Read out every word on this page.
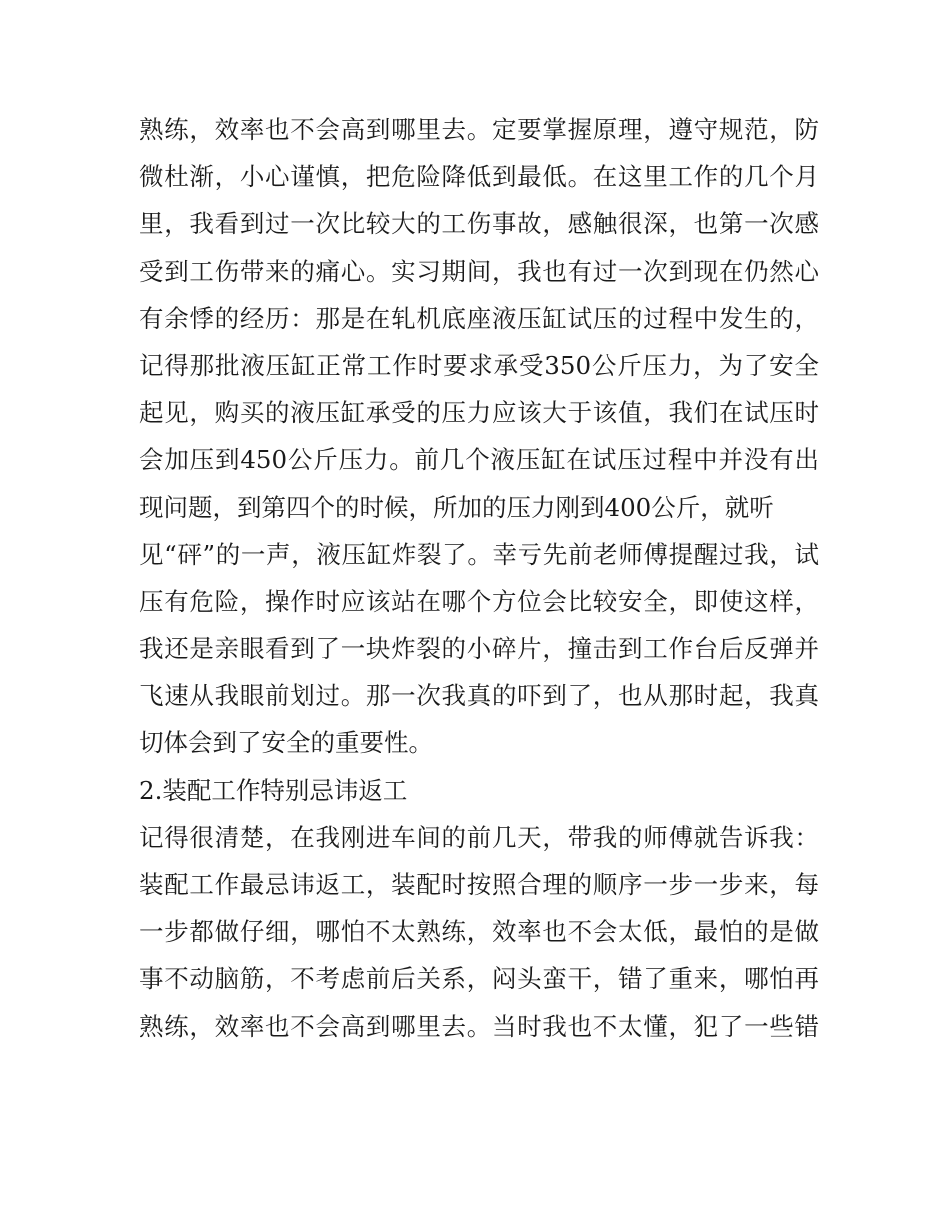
熟练，效率也不会高到哪里去。定要掌握原理，遵守规范，防
微杜渐，小心谨慎，把危险降低到最低。在这里工作的几个月
里，我看到过一次比较大的工伤事故，感触很深，也第一次感
受到工伤带来的痛心。实习期间，我也有过一次到现在仍然心
有余悸的经历：那是在轧机底座液压缸试压的过程中发生的，
记得那批液压缸正常工作时要求承受350公斤压力，为了安全
起见，购买的液压缸承受的压力应该大于该值，我们在试压时
会加压到450公斤压力。前几个液压缸在试压过程中并没有出
现问题，到第四个的时候，所加的压力刚到400公斤，就听
见“砰”的一声，液压缸炸裂了。幸亏先前老师傅提醒过我，试
压有危险，操作时应该站在哪个方位会比较安全，即使这样，
我还是亲眼看到了一块炸裂的小碎片，撞击到工作台后反弹并
飞速从我眼前划过。那一次我真的吓到了，也从那时起，我真
切体会到了安全的重要性。
2.装配工作特别忌讳返工
记得很清楚，在我刚进车间的前几天，带我的师傅就告诉我：
装配工作最忌讳返工，装配时按照合理的顺序一步一步来，每
一步都做仔细，哪怕不太熟练，效率也不会太低，最怕的是做
事不动脑筋，不考虑前后关系，闷头蛮干，错了重来，哪怕再
熟练，效率也不会高到哪里去。当时我也不太懂，犯了一些错
